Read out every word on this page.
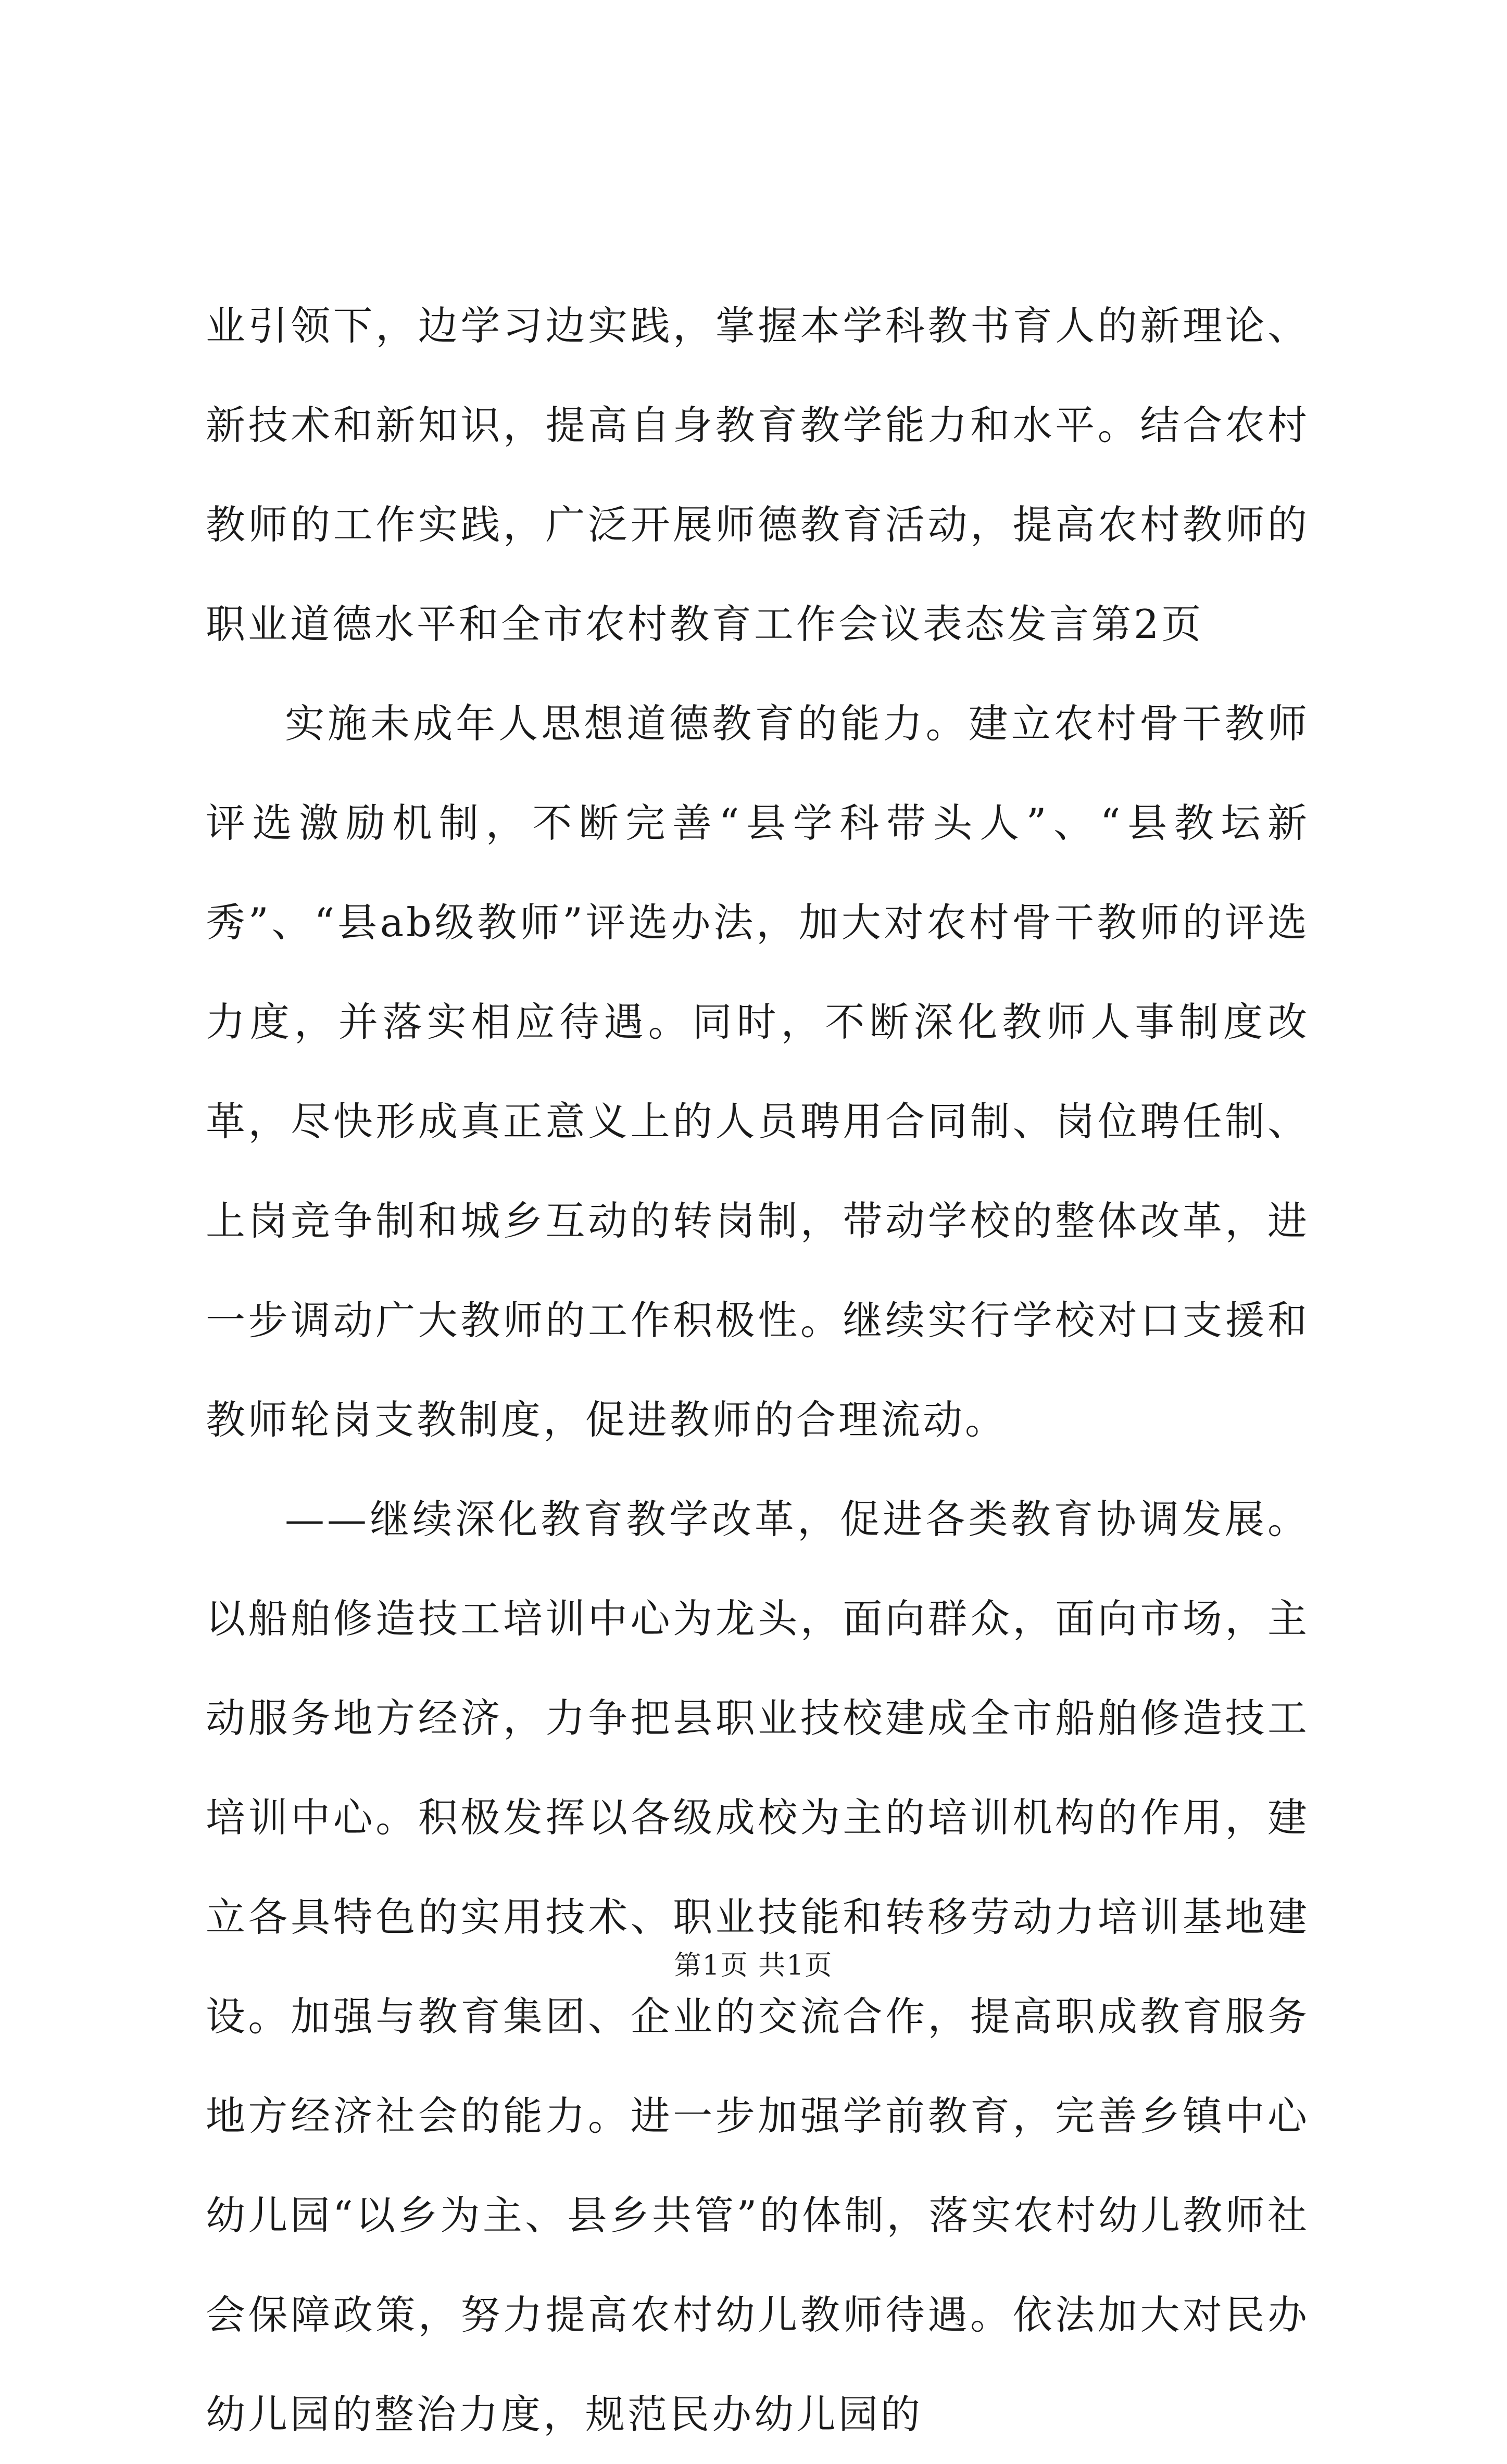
业引领下，边学习边实践，掌握本学科教书育人的新理论、新技术和新知识，提高自身教育教学能力和水平。结合农村教师的工作实践，广泛开展师德教育活动，提高农村教师的职业道德水平和全市农村教育工作会议表态发言第2页

实施未成年人思想道德教育的能力。建立农村骨干教师评选激励机制，不断完善“县学科带头人”、“县教坛新秀”、“县ab级教师”评选办法，加大对农村骨干教师的评选力度，并落实相应待遇。同时，不断深化教师人事制度改革，尽快形成真正意义上的人员聘用合同制、岗位聘任制、上岗竞争制和城乡互动的转岗制，带动学校的整体改革，进一步调动广大教师的工作积极性。继续实行学校对口支援和教师轮岗支教制度，促进教师的合理流动。

——继续深化教育教学改革，促进各类教育协调发展。以船舶修造技工培训中心为龙头，面向群众，面向市场，主动服务地方经济，力争把县职业技校建成全市船舶修造技工培训中心。积极发挥以各级成校为主的培训机构的作用，建立各具特色的实用技术、职业技能和转移劳动力培训基地建设。加强与教育集团、企业的交流合作，提高职成教育服务地方经济社会的能力。进一步加强学前教育，完善乡镇中心幼儿园“以乡为主、县乡共管”的体制，落实农村幼儿教师社会保障政策，努力提高农村幼儿教师待遇。依法加大对民办幼儿园的整治力度，规范民办幼儿园的

第1页 共1页
